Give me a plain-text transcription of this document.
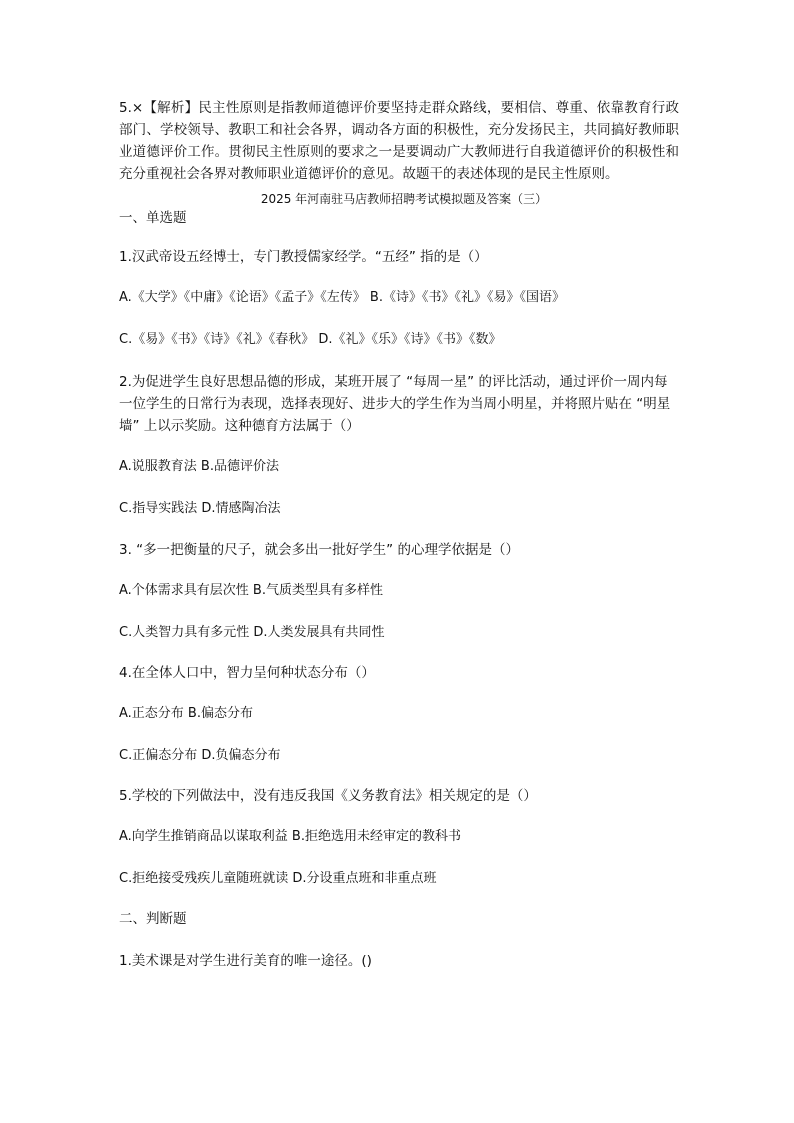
5.×【解析】民主性原则是指教师道德评价要坚持走群众路线，要相信、尊重、依靠教育行政部门、学校领导、教职工和社会各界，调动各方面的积极性，充分发扬民主，共同搞好教师职业道德评价工作。贯彻民主性原则的要求之一是要调动广大教师进行自我道德评价的积极性和充分重视社会各界对教师职业道德评价的意见。故题干的表述体现的是民主性原则。

2025 年河南驻马店教师招聘考试模拟题及答案（三）

一、单选题

1.汉武帝设五经博士，专门教授儒家经学。“五经” 指的是（）

A.《大学》《中庸》《论语》《孟子》《左传》 B.《诗》《书》《礼》《易》《国语》

C.《易》《书》《诗》《礼》《春秋》 D.《礼》《乐》《诗》《书》《数》

2.为促进学生良好思想品德的形成，某班开展了 “每周一星” 的评比活动，通过评价一周内每一位学生的日常行为表现，选择表现好、进步大的学生作为当周小明星，并将照片贴在 “明星墙” 上以示奖励。这种德育方法属于（）

A.说服教育法 B.品德评价法

C.指导实践法 D.情感陶冶法

3. “多一把衡量的尺子，就会多出一批好学生” 的心理学依据是（）

A.个体需求具有层次性 B.气质类型具有多样性

C.人类智力具有多元性 D.人类发展具有共同性

4.在全体人口中，智力呈何种状态分布（）

A.正态分布 B.偏态分布

C.正偏态分布 D.负偏态分布

5.学校的下列做法中，没有违反我国《义务教育法》相关规定的是（）

A.向学生推销商品以谋取利益 B.拒绝选用未经审定的教科书

C.拒绝接受残疾儿童随班就读 D.分设重点班和非重点班

二、判断题

1.美术课是对学生进行美育的唯一途径。()
